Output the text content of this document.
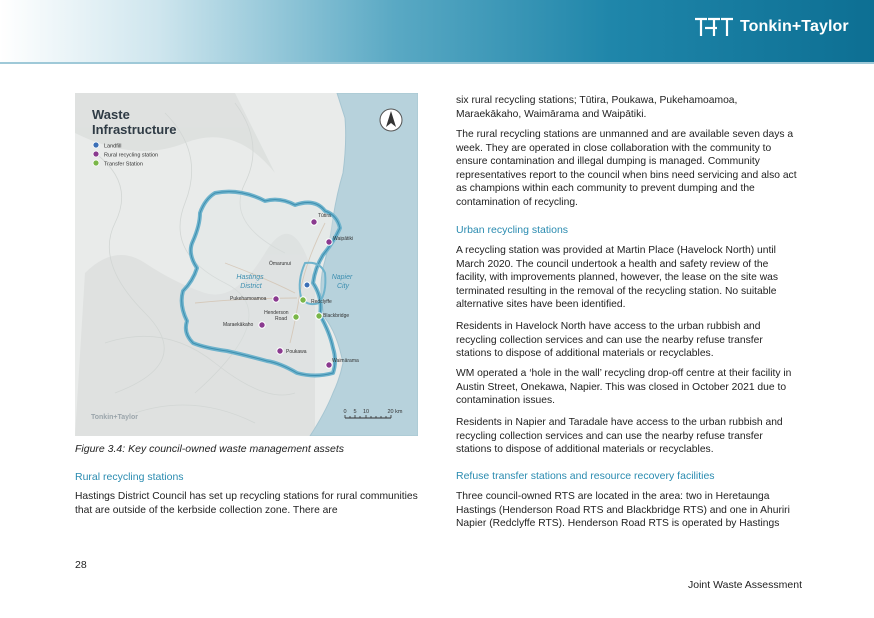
Tonkin+Taylor
Waste
Infrastructure
Landfill
Rural recycling station
Transfer Station
Hastings District
Napier City
Tūtira
Waipātiki
Ōmarunui
Pukehamoamoa	Redclyffe
Henderson Road	Blackbridge
Maraekākaho
Poukawa
Waimārama
0 5 10	20 km
Tonkin+Taylor
Figure 3.4: Key council-owned waste management assets
Rural recycling stations
Hastings District Council has set up recycling stations for rural communities that are outside of the kerbside collection zone. There are
six rural recycling stations; Tūtira, Poukawa, Pukehamoamoa, Maraekākaho, Waimārama and Waipātiki.
The rural recycling stations are unmanned and are available seven days a week. They are operated in close collaboration with the community to ensure contamination and illegal dumping is managed. Community representatives report to the council when bins need servicing and also act as champions within each community to prevent dumping and the contamination of recycling.
Urban recycling stations
A recycling station was provided at Martin Place (Havelock North) until March 2020. The council undertook a health and safety review of the facility, with improvements planned, however, the lease on the site was terminated resulting in the removal of the recycling station. No suitable alternative sites have been identified.
Residents in Havelock North have access to the urban rubbish and recycling collection services and can use the nearby refuse transfer stations to dispose of additional materials or recyclables.
WM operated a ‘hole in the wall’ recycling drop-off centre at their facility in Austin Street, Onekawa, Napier. This was closed in October 2021 due to contamination issues.
Residents in Napier and Taradale have access to the urban rubbish and recycling collection services and can use the nearby refuse transfer stations to dispose of additional materials or recyclables.
Refuse transfer stations and resource recovery facilities
Three council-owned RTS are located in the area: two in Heretaunga Hastings (Henderson Road RTS and Blackbridge RTS) and one in Ahuriri Napier (Redclyffe RTS). Henderson Road RTS is operated by Hastings
28
Joint Waste Assessment
